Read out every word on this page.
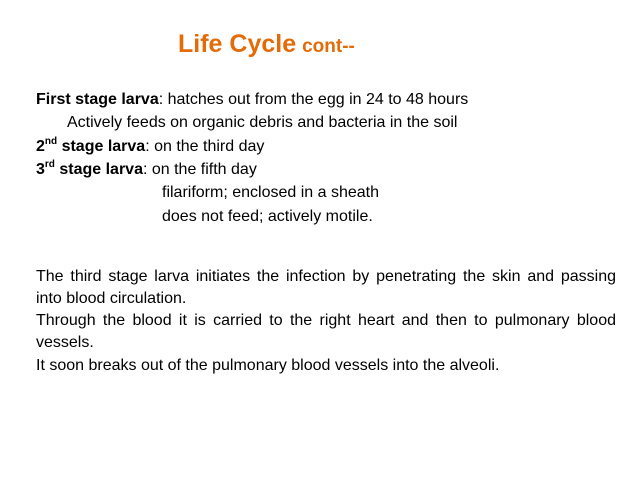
Life Cycle cont--
First stage larva: hatches out from the egg in 24 to 48 hours
Actively feeds on organic debris and bacteria in the soil
2nd stage larva: on the third day
3rd stage larva: on the fifth day
filariform; enclosed in a sheath
does not feed; actively motile.
The third stage larva initiates the infection by penetrating the skin and passing into blood circulation.
Through the blood it is carried to the right heart and then to pulmonary blood vessels.
It soon breaks out of the pulmonary blood vessels into the alveoli.
